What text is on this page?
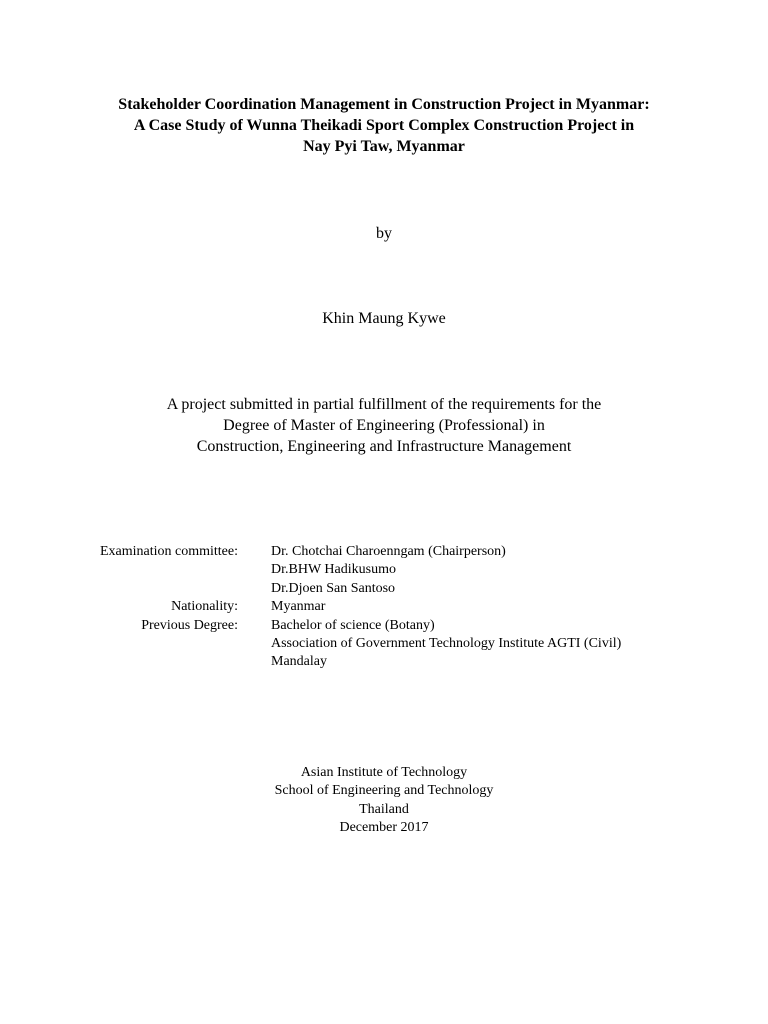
Stakeholder Coordination Management in Construction Project in Myanmar:
A Case Study of Wunna Theikadi Sport Complex Construction Project in
Nay Pyi Taw, Myanmar
by
Khin Maung Kywe
A project submitted in partial fulfillment of the requirements for the
Degree of Master of Engineering (Professional) in
Construction, Engineering and Infrastructure Management
Examination committee: Dr. Chotchai Charoenngam (Chairperson)
Dr.BHW Hadikusumo
Dr.Djoen San Santoso
Nationality: Myanmar
Previous Degree: Bachelor of science (Botany)
Association of Government Technology Institute AGTI (Civil)
Mandalay
Asian Institute of Technology
School of Engineering and Technology
Thailand
December 2017
